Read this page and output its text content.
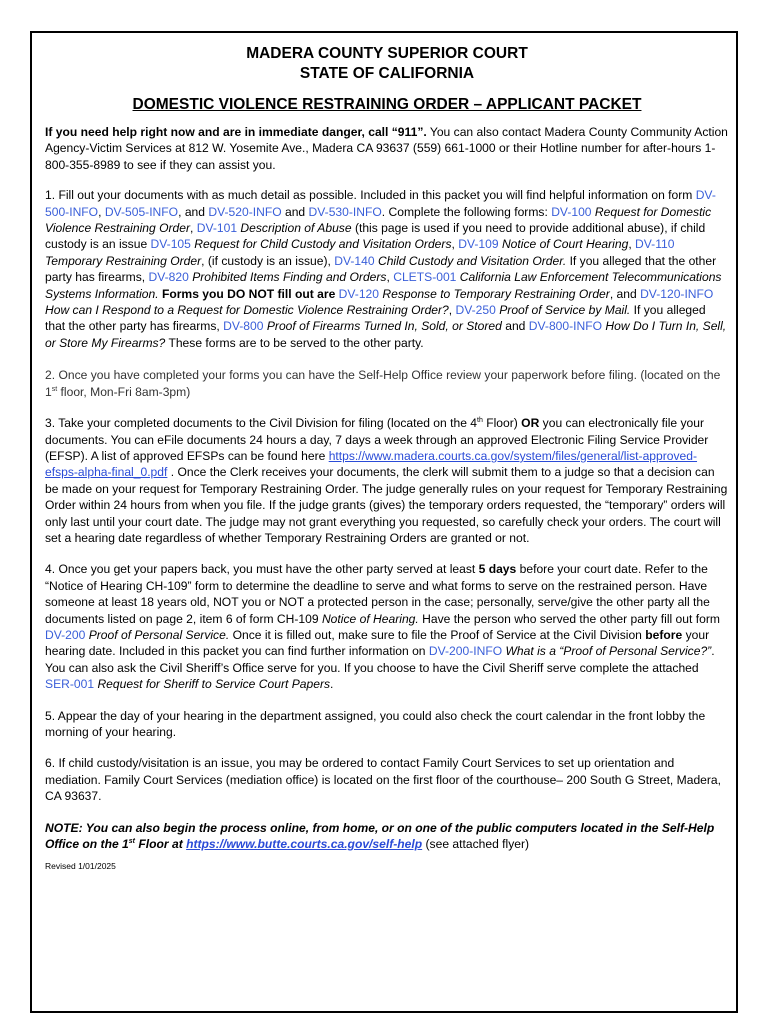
MADERA COUNTY SUPERIOR COURT
STATE OF CALIFORNIA
DOMESTIC VIOLENCE RESTRAINING ORDER – APPLICANT PACKET

If you need help right now and are in immediate danger, call “911”. You can also contact Madera County Community Action Agency-Victim Services at 812 W. Yosemite Ave., Madera CA 93637 (559) 661-1000 or their Hotline number for after-hours 1-800-355-8989 to see if they can assist you.

1. Fill out your documents with as much detail as possible. Included in this packet you will find helpful information on form DV-500-INFO, DV-505-INFO, and DV-520-INFO and DV-530-INFO. Complete the following forms: DV-100 Request for Domestic Violence Restraining Order, DV-101 Description of Abuse (this page is used if you need to provide additional abuse), if child custody is an issue DV-105 Request for Child Custody and Visitation Orders, DV-109 Notice of Court Hearing, DV-110 Temporary Restraining Order, (if custody is an issue), DV-140 Child Custody and Visitation Order. If you alleged that the other party has firearms, DV-820 Prohibited Items Finding and Orders, CLETS-001 California Law Enforcement Telecommunications Systems Information. Forms you DO NOT fill out are DV-120 Response to Temporary Restraining Order, and DV-120-INFO How can I Respond to a Request for Domestic Violence Restraining Order?, DV-250 Proof of Service by Mail. If you alleged that the other party has firearms, DV-800 Proof of Firearms Turned In, Sold, or Stored and DV-800-INFO How Do I Turn In, Sell, or Store My Firearms? These forms are to be served to the other party.

2. Once you have completed your forms you can have the Self-Help Office review your paperwork before filing. (located on the 1st floor, Mon-Fri 8am-3pm)

3. Take your completed documents to the Civil Division for filing (located on the 4th Floor) OR you can electronically file your documents. You can eFile documents 24 hours a day, 7 days a week through an approved Electronic Filing Service Provider (EFSP). A list of approved EFSPs can be found here https://www.madera.courts.ca.gov/system/files/general/list-approved-efsps-alpha-final_0.pdf . Once the Clerk receives your documents, the clerk will submit them to a judge so that a decision can be made on your request for Temporary Restraining Order. The judge generally rules on your request for Temporary Restraining Order within 24 hours from when you file. If the judge grants (gives) the temporary orders requested, the “temporary” orders will only last until your court date. The judge may not grant everything you requested, so carefully check your orders. The court will set a hearing date regardless of whether Temporary Restraining Orders are granted or not.

4. Once you get your papers back, you must have the other party served at least 5 days before your court date. Refer to the “Notice of Hearing CH-109” form to determine the deadline to serve and what forms to serve on the restrained person. Have someone at least 18 years old, NOT you or NOT a protected person in the case; personally, serve/give the other party all the documents listed on page 2, item 6 of form CH-109 Notice of Hearing. Have the person who served the other party fill out form DV-200 Proof of Personal Service. Once it is filled out, make sure to file the Proof of Service at the Civil Division before your hearing date. Included in this packet you can find further information on DV-200-INFO What is a “Proof of Personal Service?”. You can also ask the Civil Sheriff’s Office serve for you. If you choose to have the Civil Sheriff serve complete the attached SER-001 Request for Sheriff to Service Court Papers.

5. Appear the day of your hearing in the department assigned, you could also check the court calendar in the front lobby the morning of your hearing.

6. If child custody/visitation is an issue, you may be ordered to contact Family Court Services to set up orientation and mediation. Family Court Services (mediation office) is located on the first floor of the courthouse– 200 South G Street, Madera, CA 93637.

NOTE: You can also begin the process online, from home, or on one of the public computers located in the Self-Help Office on the 1st Floor at https://www.butte.courts.ca.gov/self-help (see attached flyer)

Revised 1/01/2025
